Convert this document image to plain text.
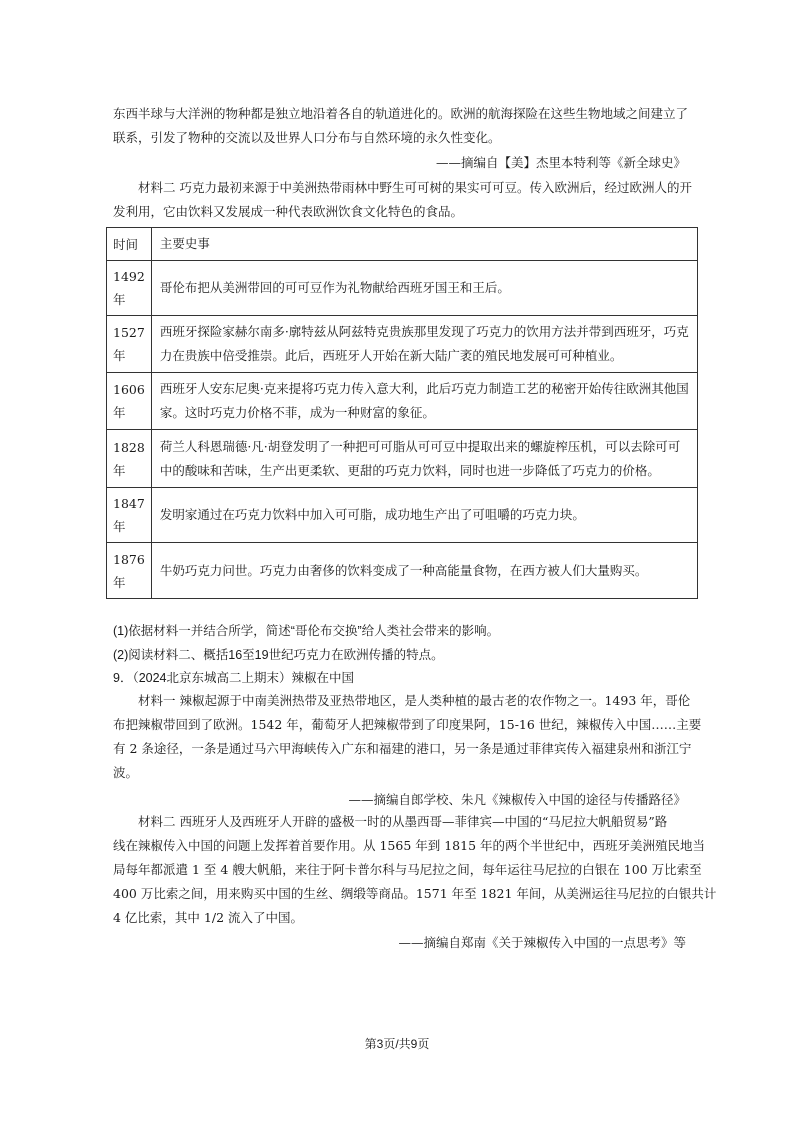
东西半球与大洋洲的物种都是独立地沿着各自的轨道进化的。欧洲的航海探险在这些生物地域之间建立了
联系，引发了物种的交流以及世界人口分布与自然环境的永久性变化。

——摘编自【美】杰里本特利等《新全球史》

材料二 巧克力最初来源于中美洲热带雨林中野生可可树的果实可可豆。传入欧洲后，经过欧洲人的开
发利用，它由饮料又发展成一种代表欧洲饮食文化特色的食品。

时间	主要史事

1492
年	哥伦布把从美洲带回的可可豆作为礼物献给西班牙国王和王后。

1527
年	西班牙探险家赫尔南多·廓特兹从阿兹特克贵族那里发现了巧克力的饮用方法并带到西班牙，巧克
力在贵族中倍受推崇。此后，西班牙人开始在新大陆广袤的殖民地发展可可种植业。

1606
年	西班牙人安东尼奥·克来提将巧克力传入意大利，此后巧克力制造工艺的秘密开始传往欧洲其他国
家。这时巧克力价格不菲，成为一种财富的象征。

1828
年	荷兰人科恩瑞德·凡·胡登发明了一种把可可脂从可可豆中提取出来的螺旋榨压机，可以去除可可
中的酸味和苦味，生产出更柔软、更甜的巧克力饮料，同时也进一步降低了巧克力的价格。

1847
年	发明家通过在巧克力饮料中加入可可脂，成功地生产出了可咀嚼的巧克力块。

1876
年	牛奶巧克力问世。巧克力由奢侈的饮料变成了一种高能量食物，在西方被人们大量购买。
(1)依据材料一并结合所学，简述“哥伦布交换”给人类社会带来的影响。
(2)阅读材料二、概括16至19世纪巧克力在欧洲传播的特点。
9．（2024北京东城高二上期末）辣椒在中国

材料一 辣椒起源于中南美洲热带及亚热带地区，是人类种植的最古老的农作物之一。1493 年，哥伦
布把辣椒带回到了欧洲。1542 年，葡萄牙人把辣椒带到了印度果阿，15-16 世纪，辣椒传入中国……主要
有 2 条途径，一条是通过马六甲海峡传入广东和福建的港口，另一条是通过菲律宾传入福建泉州和浙江宁
波。

——摘编自郎学校、朱凡《辣椒传入中国的途径与传播路径》

材料二 西班牙人及西班牙人开辟的盛极一时的从墨西哥—菲律宾—中国的“马尼拉大帆船贸易”路
线在辣椒传入中国的问题上发挥着首要作用。从 1565 年到 1815 年的两个半世纪中，西班牙美洲殖民地当
局每年都派遣 1 至 4 艘大帆船，来往于阿卡普尔科与马尼拉之间，每年运往马尼拉的白银在 100 万比索至
400 万比索之间，用来购买中国的生丝、绸缎等商品。1571 年至 1821 年间，从美洲运往马尼拉的白银共计
4 亿比索，其中 1/2 流入了中国。

——摘编自郑南《关于辣椒传入中国的一点思考》等
第3页/共9页
